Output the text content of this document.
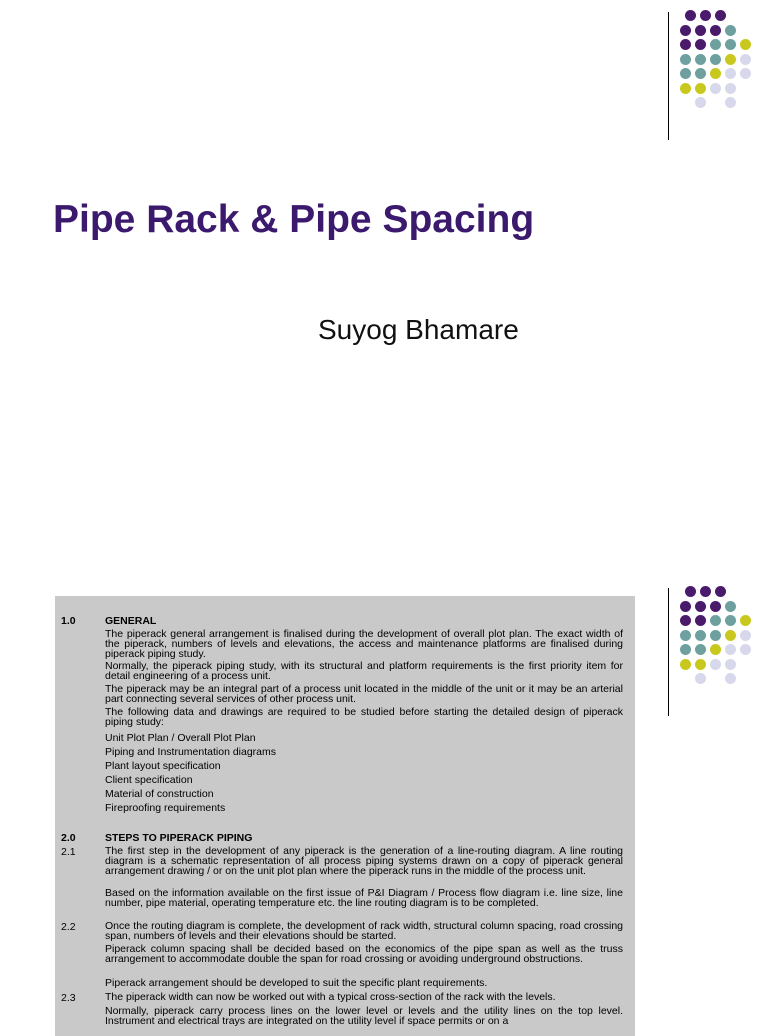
Pipe Rack & Pipe Spacing
Suyog Bhamare
1.0	GENERAL
The piperack general arrangement is finalised during the development of overall plot plan. The exact width of the piperack, numbers of levels and elevations, the access and maintenance platforms are finalised during piperack piping study.
Normally, the piperack piping study, with its structural and platform requirements is the first priority item for detail engineering of a process unit.
The piperack may be an integral part of a process unit located in the middle of the unit or it may be an arterial part connecting several services of other process unit.
The following data and drawings are required to be studied before starting the detailed design of piperack piping study:
Unit Plot Plan / Overall Plot Plan
Piping and Instrumentation diagrams
Plant layout specification
Client specification
Material of construction
Fireproofing requirements
2.0	STEPS TO PIPERACK PIPING
2.1	The first step in the development of any piperack is the generation of a line-routing diagram. A line routing diagram is a schematic representation of all process piping systems drawn on a copy of piperack general arrangement drawing / or on the unit plot plan where the piperack runs in the middle of the process unit.
Based on the information available on the first issue of P&I Diagram / Process flow diagram i.e. line size, line number, pipe material, operating temperature etc. the line routing diagram is to be completed.
2.2	Once the routing diagram is complete, the development of rack width, structural column spacing, road crossing span, numbers of levels and their elevations should be started.
Piperack column spacing shall be decided based on the economics of the pipe span as well as the truss arrangement to accommodate double the span for road crossing or avoiding underground obstructions.
Piperack arrangement should be developed to suit the specific plant requirements.
2.3	The piperack width can now be worked out with a typical cross-section of the rack with the levels.
Normally, piperack carry process lines on the lower level or levels and the utility lines on the top level. Instrument and electrical trays are integrated on the utility level if space permits or on a
